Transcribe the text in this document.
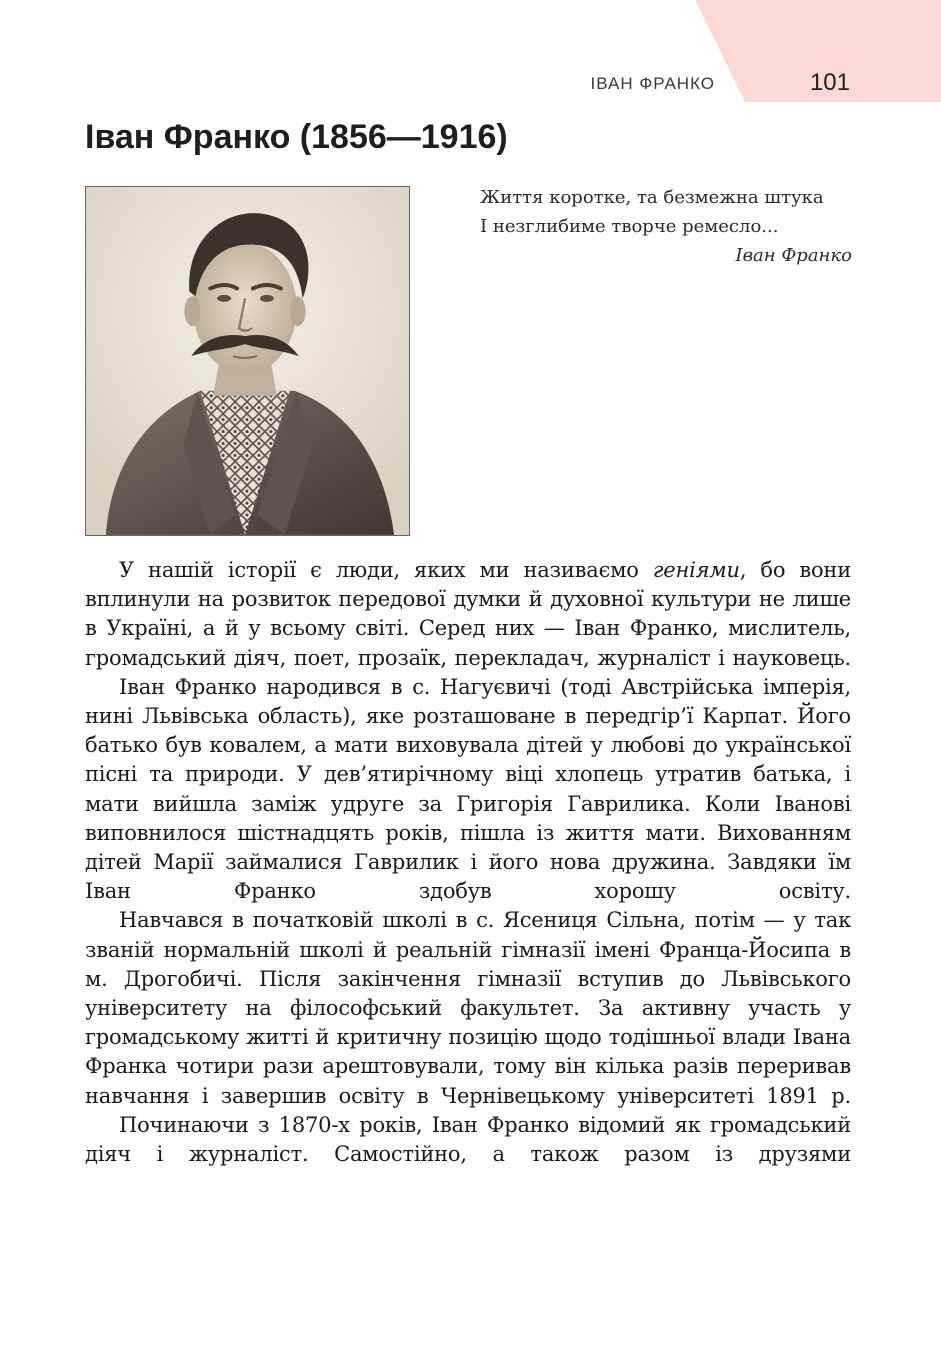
ІВАН ФРАНКО	101
Іван Франко (1856—1916)
Життя коротке, та безмежна штука
І незглибиме творче ремесло...
Іван Франко

У нашій історії є люди, яких ми називаємо геніями, бо вони вплинули на розвиток передової думки й духовної культури не лише в Україні, а й у всьому світі. Серед них — Іван Франко, мислитель, громадський діяч, поет, прозаїк, перекладач, журналіст і науковець.

Іван Франко народився в с. Нагуєвичі (тоді Австрійська імперія, нині Львівська область), яке розташоване в передгір’ї Карпат. Його батько був ковалем, а мати виховувала дітей у любові до української пісні та природи. У дев’ятирічному віці хлопець утратив батька, і мати вийшла заміж удруге за Григорія Гаврилика. Коли Іванові виповнилося шістнадцять років, пішла із життя мати. Вихованням дітей Марії займалися Гаврилик і його нова дружина. Завдяки їм Іван Франко здобув хорошу освіту.

Навчався в початковій школі в с. Ясениця Сільна, потім — у так званій нормальній школі й реальній гімназії імені Франца-Йосипа в м. Дрогобичі. Після закінчення гімназії вступив до Львівського університету на філософський факультет. За активну участь у громадському житті й критичну позицію щодо тодішньої влади Івана Франка чотири рази арештовували, тому він кілька разів переривав навчання і завершив освіту в Чернівецькому університеті 1891 р.

Починаючи з 1870-х років, Іван Франко відомий як громадський діяч і журналіст. Самостійно, а також разом із друзями
